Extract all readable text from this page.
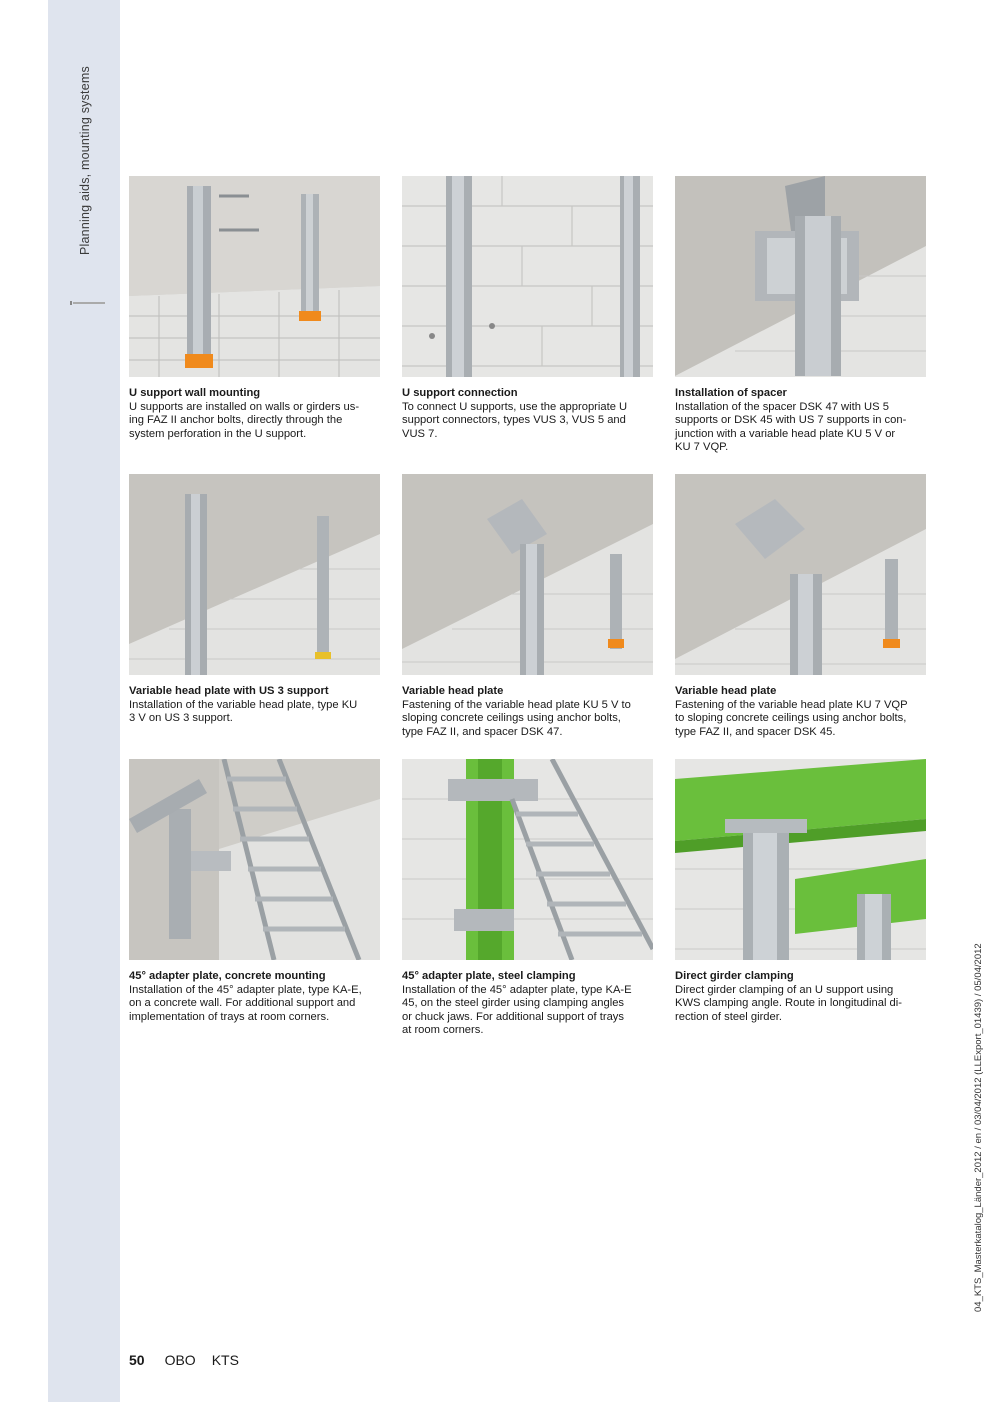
Planning aids, mounting systems
U support wall mounting
U supports are installed on walls or girders us-
ing FAZ II anchor bolts, directly through the
system perforation in the U support.
U support connection
To connect U supports, use the appropriate U
support connectors, types VUS 3, VUS 5 and
VUS 7.
Installation of spacer
Installation of the spacer DSK 47 with US 5
supports or DSK 45 with US 7 supports in con-
junction with a variable head plate KU 5 V or
KU 7 VQP.
Variable head plate with US 3 support
Installation of the variable head plate, type KU
3 V on US 3 support.
Variable head plate
Fastening of the variable head plate KU 5 V to
sloping concrete ceilings using anchor bolts,
type FAZ II, and spacer DSK 47.
Variable head plate
Fastening of the variable head plate KU 7 VQP
to sloping concrete ceilings using anchor bolts,
type FAZ II, and spacer DSK 45.
45° adapter plate, concrete mounting
Installation of the 45° adapter plate, type KA-E,
on a concrete wall. For additional support and
implementation of trays at room corners.
45° adapter plate, steel clamping
Installation of the 45° adapter plate, type KA-E
45, on the steel girder using clamping angles
or chuck jaws. For additional support of trays
at room corners.
Direct girder clamping
Direct girder clamping of an U support using
KWS clamping angle. Route in longitudinal di-
rection of steel girder.
50 OBO KTS
04_KTS_Masterkatalog_Länder_2012 / en / 03/04/2012 (LLExport_01439) / 05/04/2012
